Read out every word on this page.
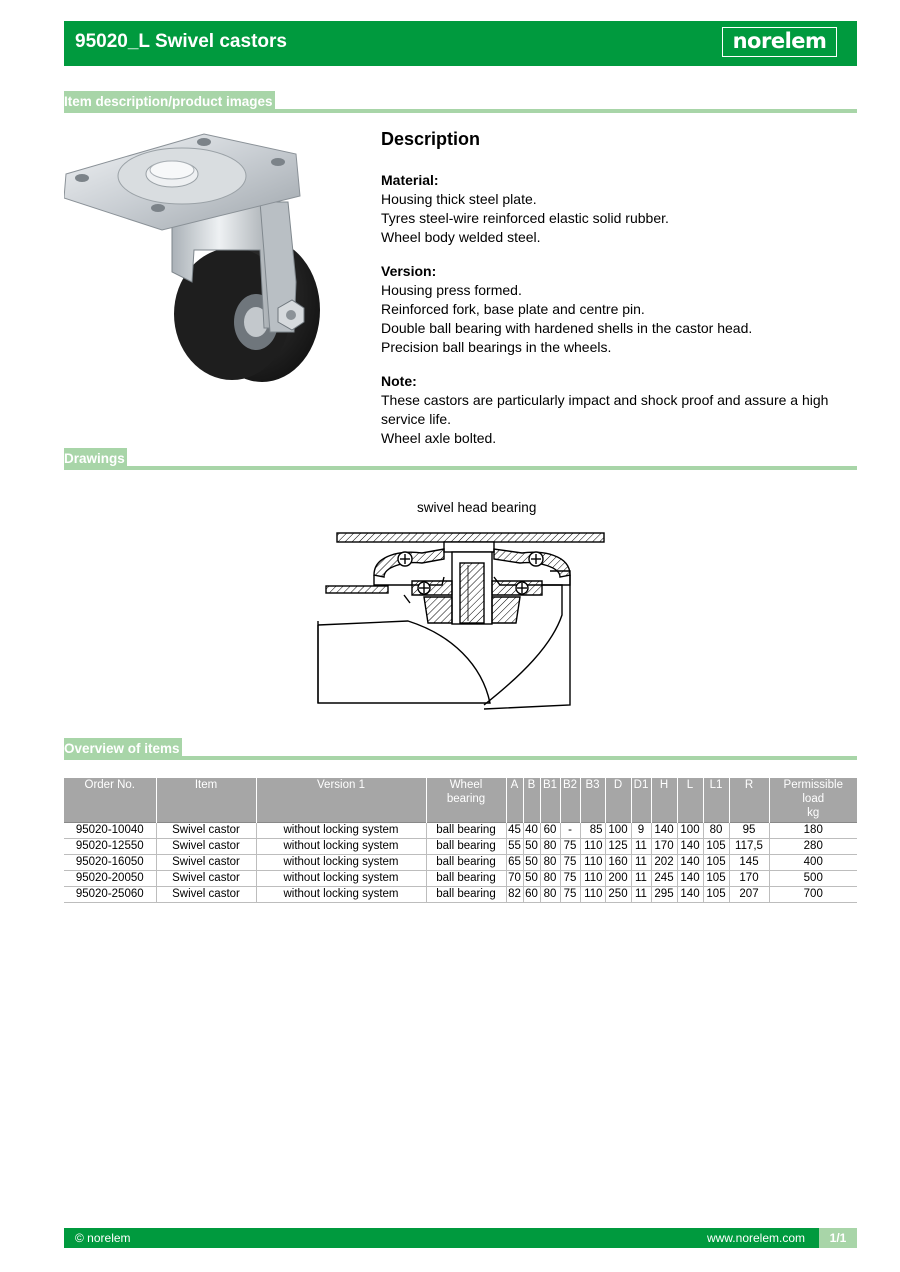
95020_L Swivel castors	norelem
Item description/product images
Description
Material:
Housing thick steel plate.
Tyres steel-wire reinforced elastic solid rubber.
Wheel body welded steel.
Version:
Housing press formed.
Reinforced fork, base plate and centre pin.
Double ball bearing with hardened shells in the castor head.
Precision ball bearings in the wheels.
Note:
These castors are particularly impact and shock proof and assure a high service life.
Wheel axle bolted.
Drawings
swivel head bearing
Overview of items
Order No.	Item	Version 1	Wheel
bearing	A	B	B1	B2	B3	D	D1	H	L	L1	R	Permissible
load
kg
95020-10040	Swivel castor	without locking system	ball bearing	45	40	60	-	85	100	9	140	100	80	95	180
95020-12550	Swivel castor	without locking system	ball bearing	55	50	80	75	110	125	11	170	140	105	117,5	280
95020-16050	Swivel castor	without locking system	ball bearing	65	50	80	75	110	160	11	202	140	105	145	400
95020-20050	Swivel castor	without locking system	ball bearing	70	50	80	75	110	200	11	245	140	105	170	500
95020-25060	Swivel castor	without locking system	ball bearing	82	60	80	75	110	250	11	295	140	105	207	700
© norelem	www.norelem.com	1/1
